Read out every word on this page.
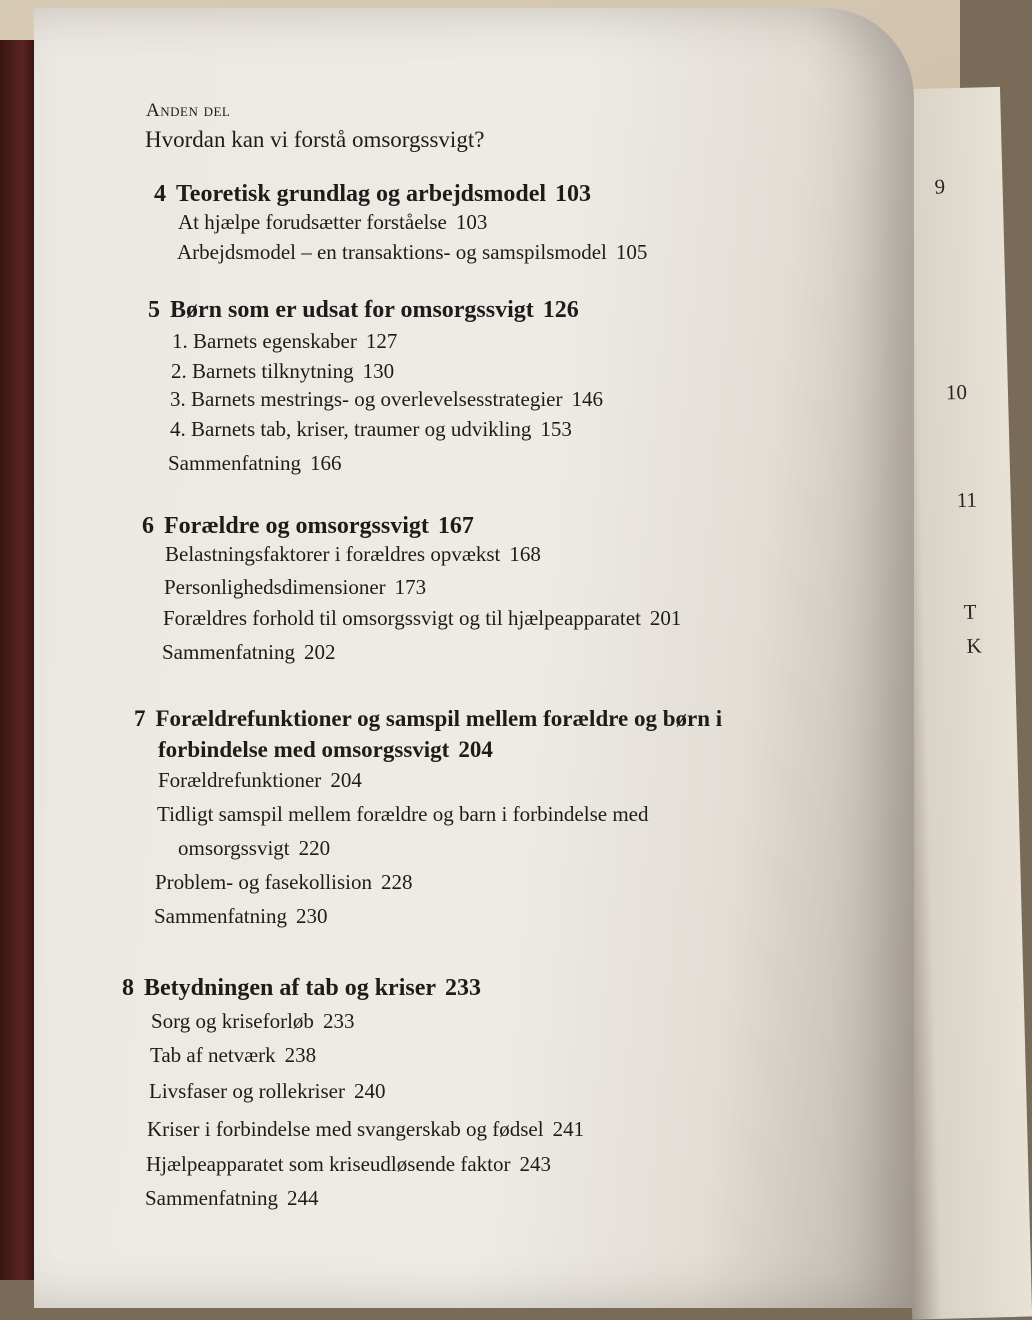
9
10
11
T
K
Anden del
Hvordan kan vi forstå omsorgssvigt?
4 Teoretisk grundlag og arbejdsmodel 103
At hjælpe forudsætter forståelse 103
Arbejdsmodel – en transaktions- og samspilsmodel 105
5 Børn som er udsat for omsorgssvigt 126
1. Barnets egenskaber 127
2. Barnets tilknytning 130
3. Barnets mestrings- og overlevelsesstrategier 146
4. Barnets tab, kriser, traumer og udvikling 153
Sammenfatning 166
6 Forældre og omsorgssvigt 167
Belastningsfaktorer i forældres opvækst 168
Personlighedsdimensioner 173
Forældres forhold til omsorgssvigt og til hjælpeapparatet 201
Sammenfatning 202
7 Forældrefunktioner og samspil mellem forældre og børn i
forbindelse med omsorgssvigt 204
Forældrefunktioner 204
Tidligt samspil mellem forældre og barn i forbindelse med
omsorgssvigt 220
Problem- og fasekollision 228
Sammenfatning 230
8 Betydningen af tab og kriser 233
Sorg og kriseforløb 233
Tab af netværk 238
Livsfaser og rollekriser 240
Kriser i forbindelse med svangerskab og fødsel 241
Hjælpeapparatet som kriseudløsende faktor 243
Sammenfatning 244
